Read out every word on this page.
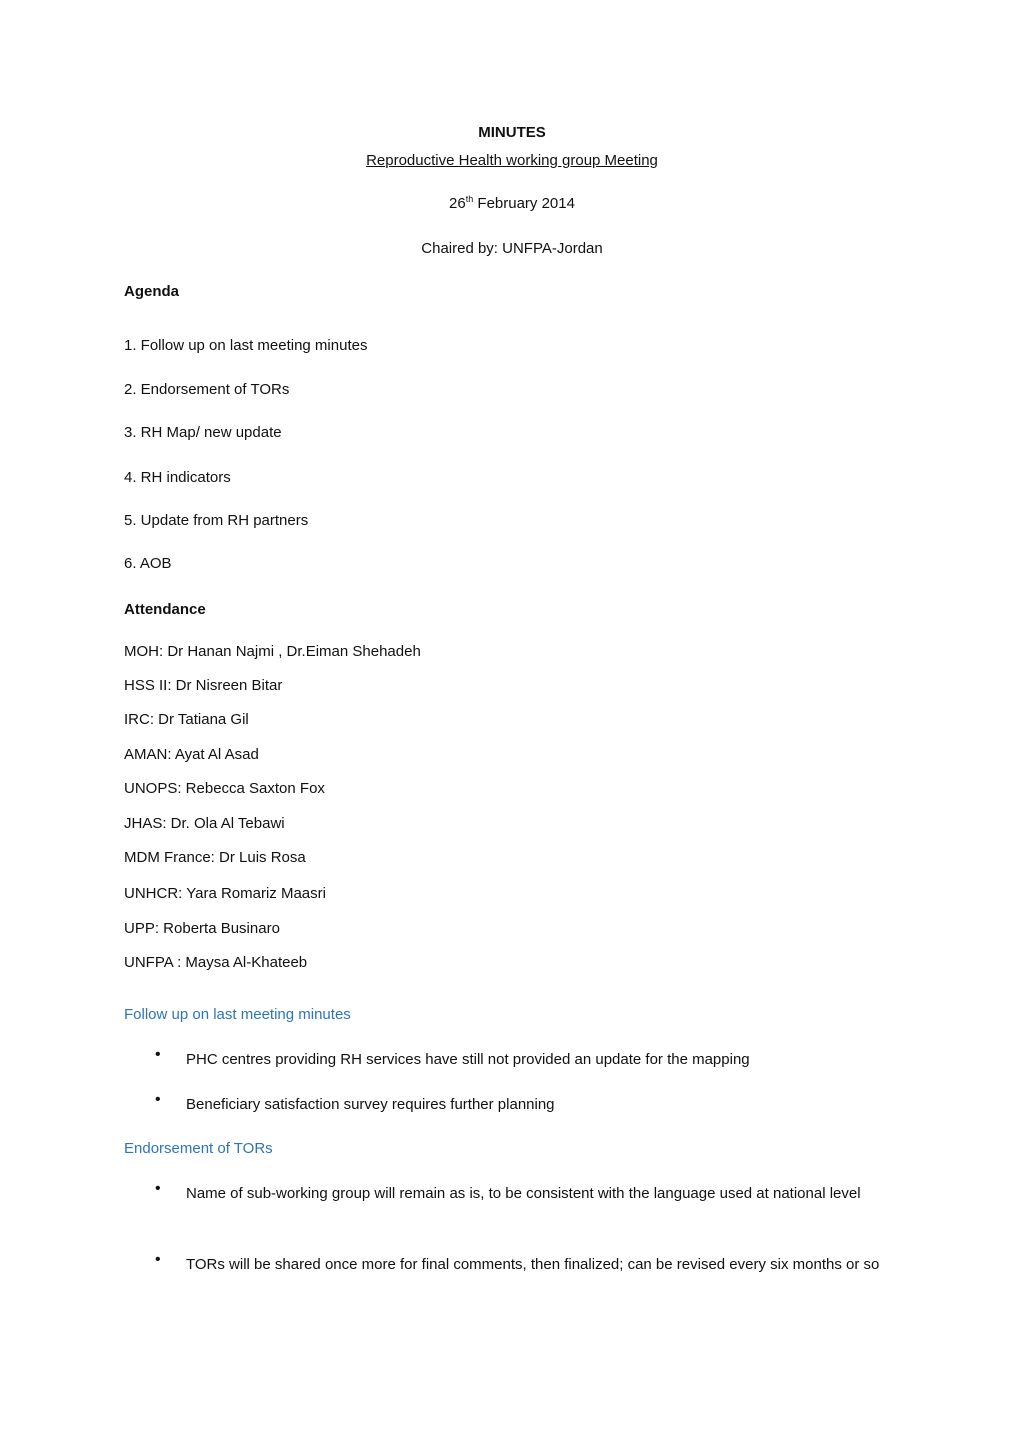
MINUTES
Reproductive Health working group Meeting
26th February 2014
Chaired by: UNFPA-Jordan
Agenda
1. Follow up on last meeting minutes
2. Endorsement of TORs
3. RH Map/ new update
4. RH indicators
5. Update from RH partners
6. AOB
Attendance
MOH: Dr Hanan Najmi , Dr.Eiman Shehadeh
HSS II: Dr Nisreen Bitar
IRC: Dr Tatiana Gil
AMAN: Ayat Al Asad
UNOPS: Rebecca Saxton Fox
JHAS: Dr. Ola Al Tebawi
MDM France: Dr Luis Rosa
UNHCR: Yara Romariz Maasri
UPP: Roberta Businaro
UNFPA : Maysa Al-Khateeb
Follow up on last meeting minutes
• PHC centres providing RH services have still not provided an update for the mapping
• Beneficiary satisfaction survey requires further planning
Endorsement of TORs
• Name of sub-working group will remain as is, to be consistent with the language used at national level
• TORs will be shared once more for final comments, then finalized; can be revised every six months or so
